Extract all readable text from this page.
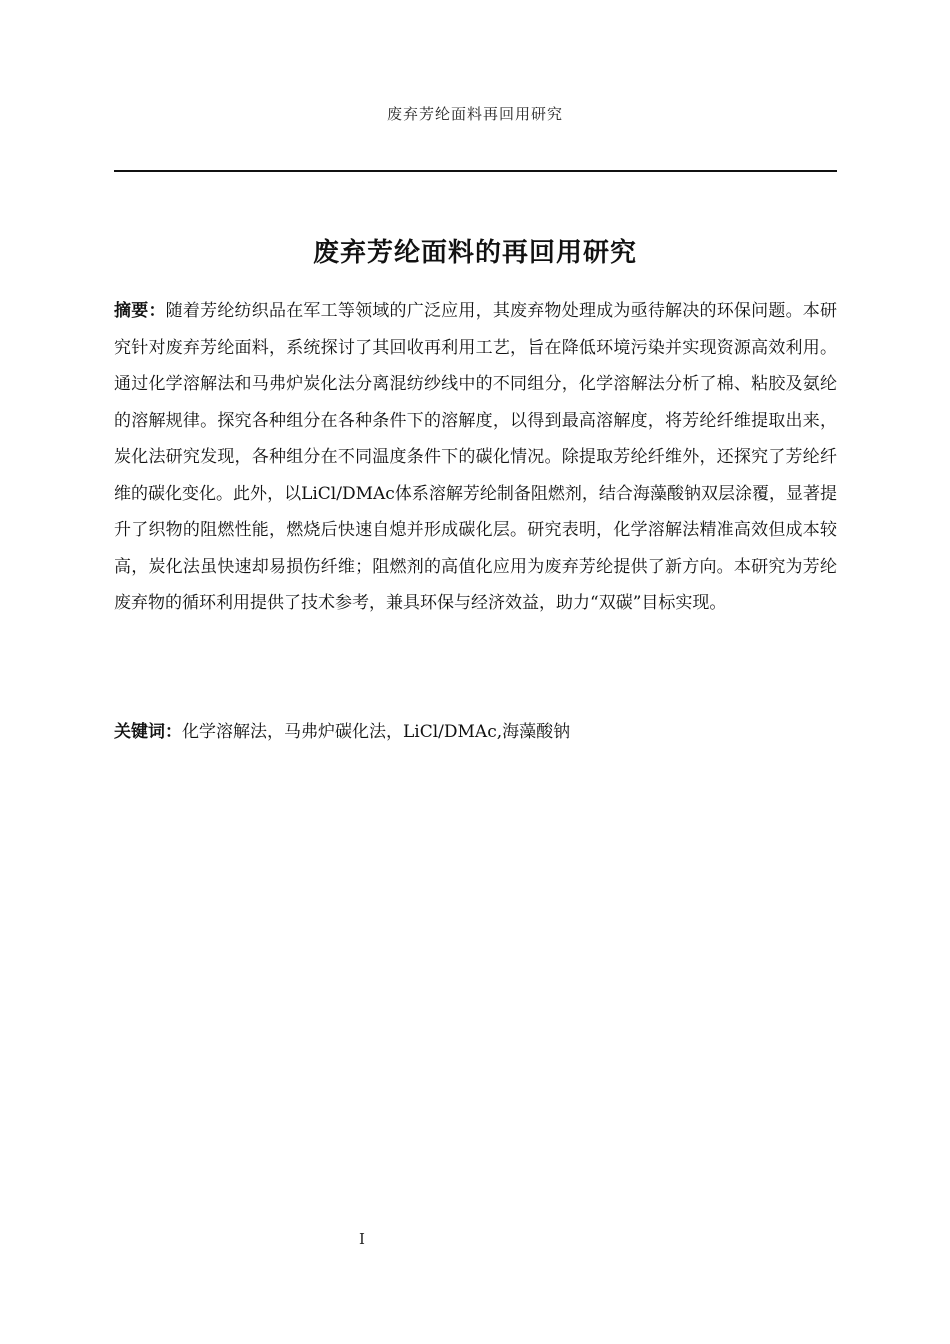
废弃芳纶面料再回用研究
废弃芳纶面料的再回用研究

摘要：随着芳纶纺织品在军工等领域的广泛应用，其废弃物处理成为亟待解决的环保问题。本研究针对废弃芳纶面料，系统探讨了其回收再利用工艺，旨在降低环境污染并实现资源高效利用。通过化学溶解法和马弗炉炭化法分离混纺纱线中的不同组分，化学溶解法分析了棉、粘胶及氨纶的溶解规律。探究各种组分在各种条件下的溶解度，以得到最高溶解度，将芳纶纤维提取出来，炭化法研究发现，各种组分在不同温度条件下的碳化情况。除提取芳纶纤维外，还探究了芳纶纤维的碳化变化。此外，以LiCl/DMAc体系溶解芳纶制备阻燃剂，结合海藻酸钠双层涂覆，显著提升了织物的阻燃性能，燃烧后快速自熄并形成碳化层。研究表明，化学溶解法精准高效但成本较高，炭化法虽快速却易损伤纤维；阻燃剂的高值化应用为废弃芳纶提供了新方向。本研究为芳纶废弃物的循环利用提供了技术参考，兼具环保与经济效益，助力“双碳”目标实现。

关键词：化学溶解法，马弗炉碳化法，LiCl/DMAc,海藻酸钠

I
